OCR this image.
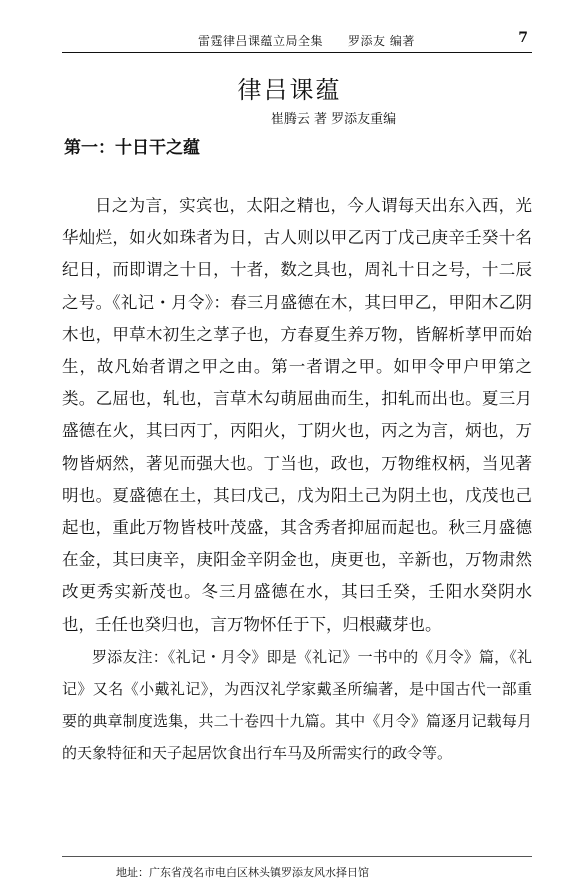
雷霆律吕课蕴立局全集　　罗添友 编著	7
律吕课蕴
崔腾云 著 罗添友重编
第一：十日干之蕴

日之为言，实宾也，太阳之精也，今人谓每天出东入西，光华灿烂，如火如珠者为日，古人则以甲乙丙丁戊己庚辛壬癸十名纪日，而即谓之十日，十者，数之具也，周礼十日之号，十二辰之号。《礼记・月令》：春三月盛德在木，其曰甲乙，甲阳木乙阴木也，甲草木初生之莩子也，方春夏生养万物，皆解析莩甲而始生，故凡始者谓之甲之由。第一者谓之甲。如甲令甲户甲第之类。乙屈也，轧也，言草木勾萌屈曲而生，扣轧而出也。夏三月盛德在火，其曰丙丁，丙阳火，丁阴火也，丙之为言，炳也，万物皆炳然，著见而强大也。丁当也，政也，万物维权柄，当见著明也。夏盛德在土，其曰戊己，戊为阳土己为阴土也，戊茂也己起也，重此万物皆枝叶茂盛，其含秀者抑屈而起也。秋三月盛德在金，其曰庚辛，庚阳金辛阴金也，庚更也，辛新也，万物肃然改更秀实新茂也。冬三月盛德在水，其曰壬癸，壬阳水癸阴水也，壬任也癸归也，言万物怀任于下，归根藏芽也。

罗添友注：《礼记・月令》即是《礼记》一书中的《月令》篇，《礼记》又名《小戴礼记》，为西汉礼学家戴圣所编著，是中国古代一部重要的典章制度选集，共二十卷四十九篇。其中《月令》篇逐月记载每月的天象特征和天子起居饮食出行车马及所需实行的政令等。

地址：广东省茂名市电白区林头镇罗添友风水择日馆
